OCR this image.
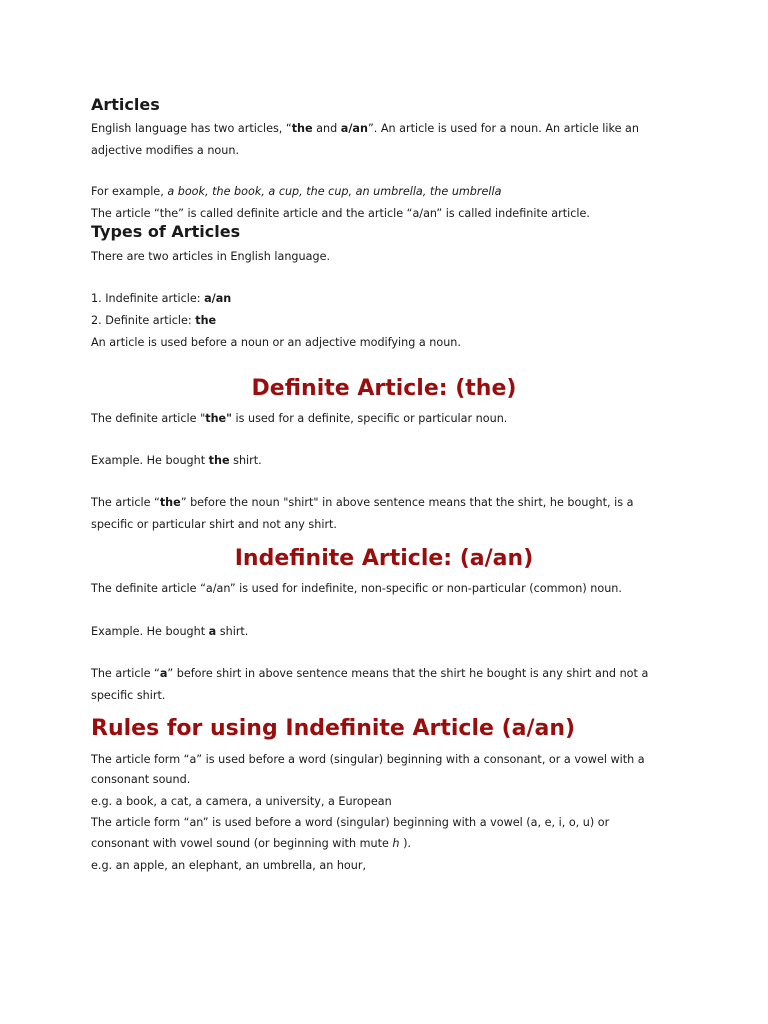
Articles
English language has two articles, “the and a/an”. An article is used for a noun. An article like an
adjective modifies a noun.
For example, a book, the book, a cup, the cup, an umbrella, the umbrella
The article “the” is called definite article and the article “a/an” is called indefinite article.
Types of Articles
There are two articles in English language.
1. Indefinite article: a/an
2. Definite article: the
An article is used before a noun or an adjective modifying a noun.
Definite Article: (the)
The definite article "the" is used for a definite, specific or particular noun.
Example. He bought the shirt.
The article “the” before the noun "shirt" in above sentence means that the shirt, he bought, is a
specific or particular shirt and not any shirt.
Indefinite Article: (a/an)
The definite article “a/an” is used for indefinite, non-specific or non-particular (common) noun.
Example. He bought a shirt.
The article “a” before shirt in above sentence means that the shirt he bought is any shirt and not a
specific shirt.
Rules for using Indefinite Article (a/an)
The article form “a” is used before a word (singular) beginning with a consonant, or a vowel with a
consonant sound.
e.g. a book, a cat, a camera, a university, a European
The article form “an” is used before a word (singular) beginning with a vowel (a, e, i, o, u) or
consonant with vowel sound (or beginning with mute h ).
e.g. an apple, an elephant, an umbrella, an hour,
